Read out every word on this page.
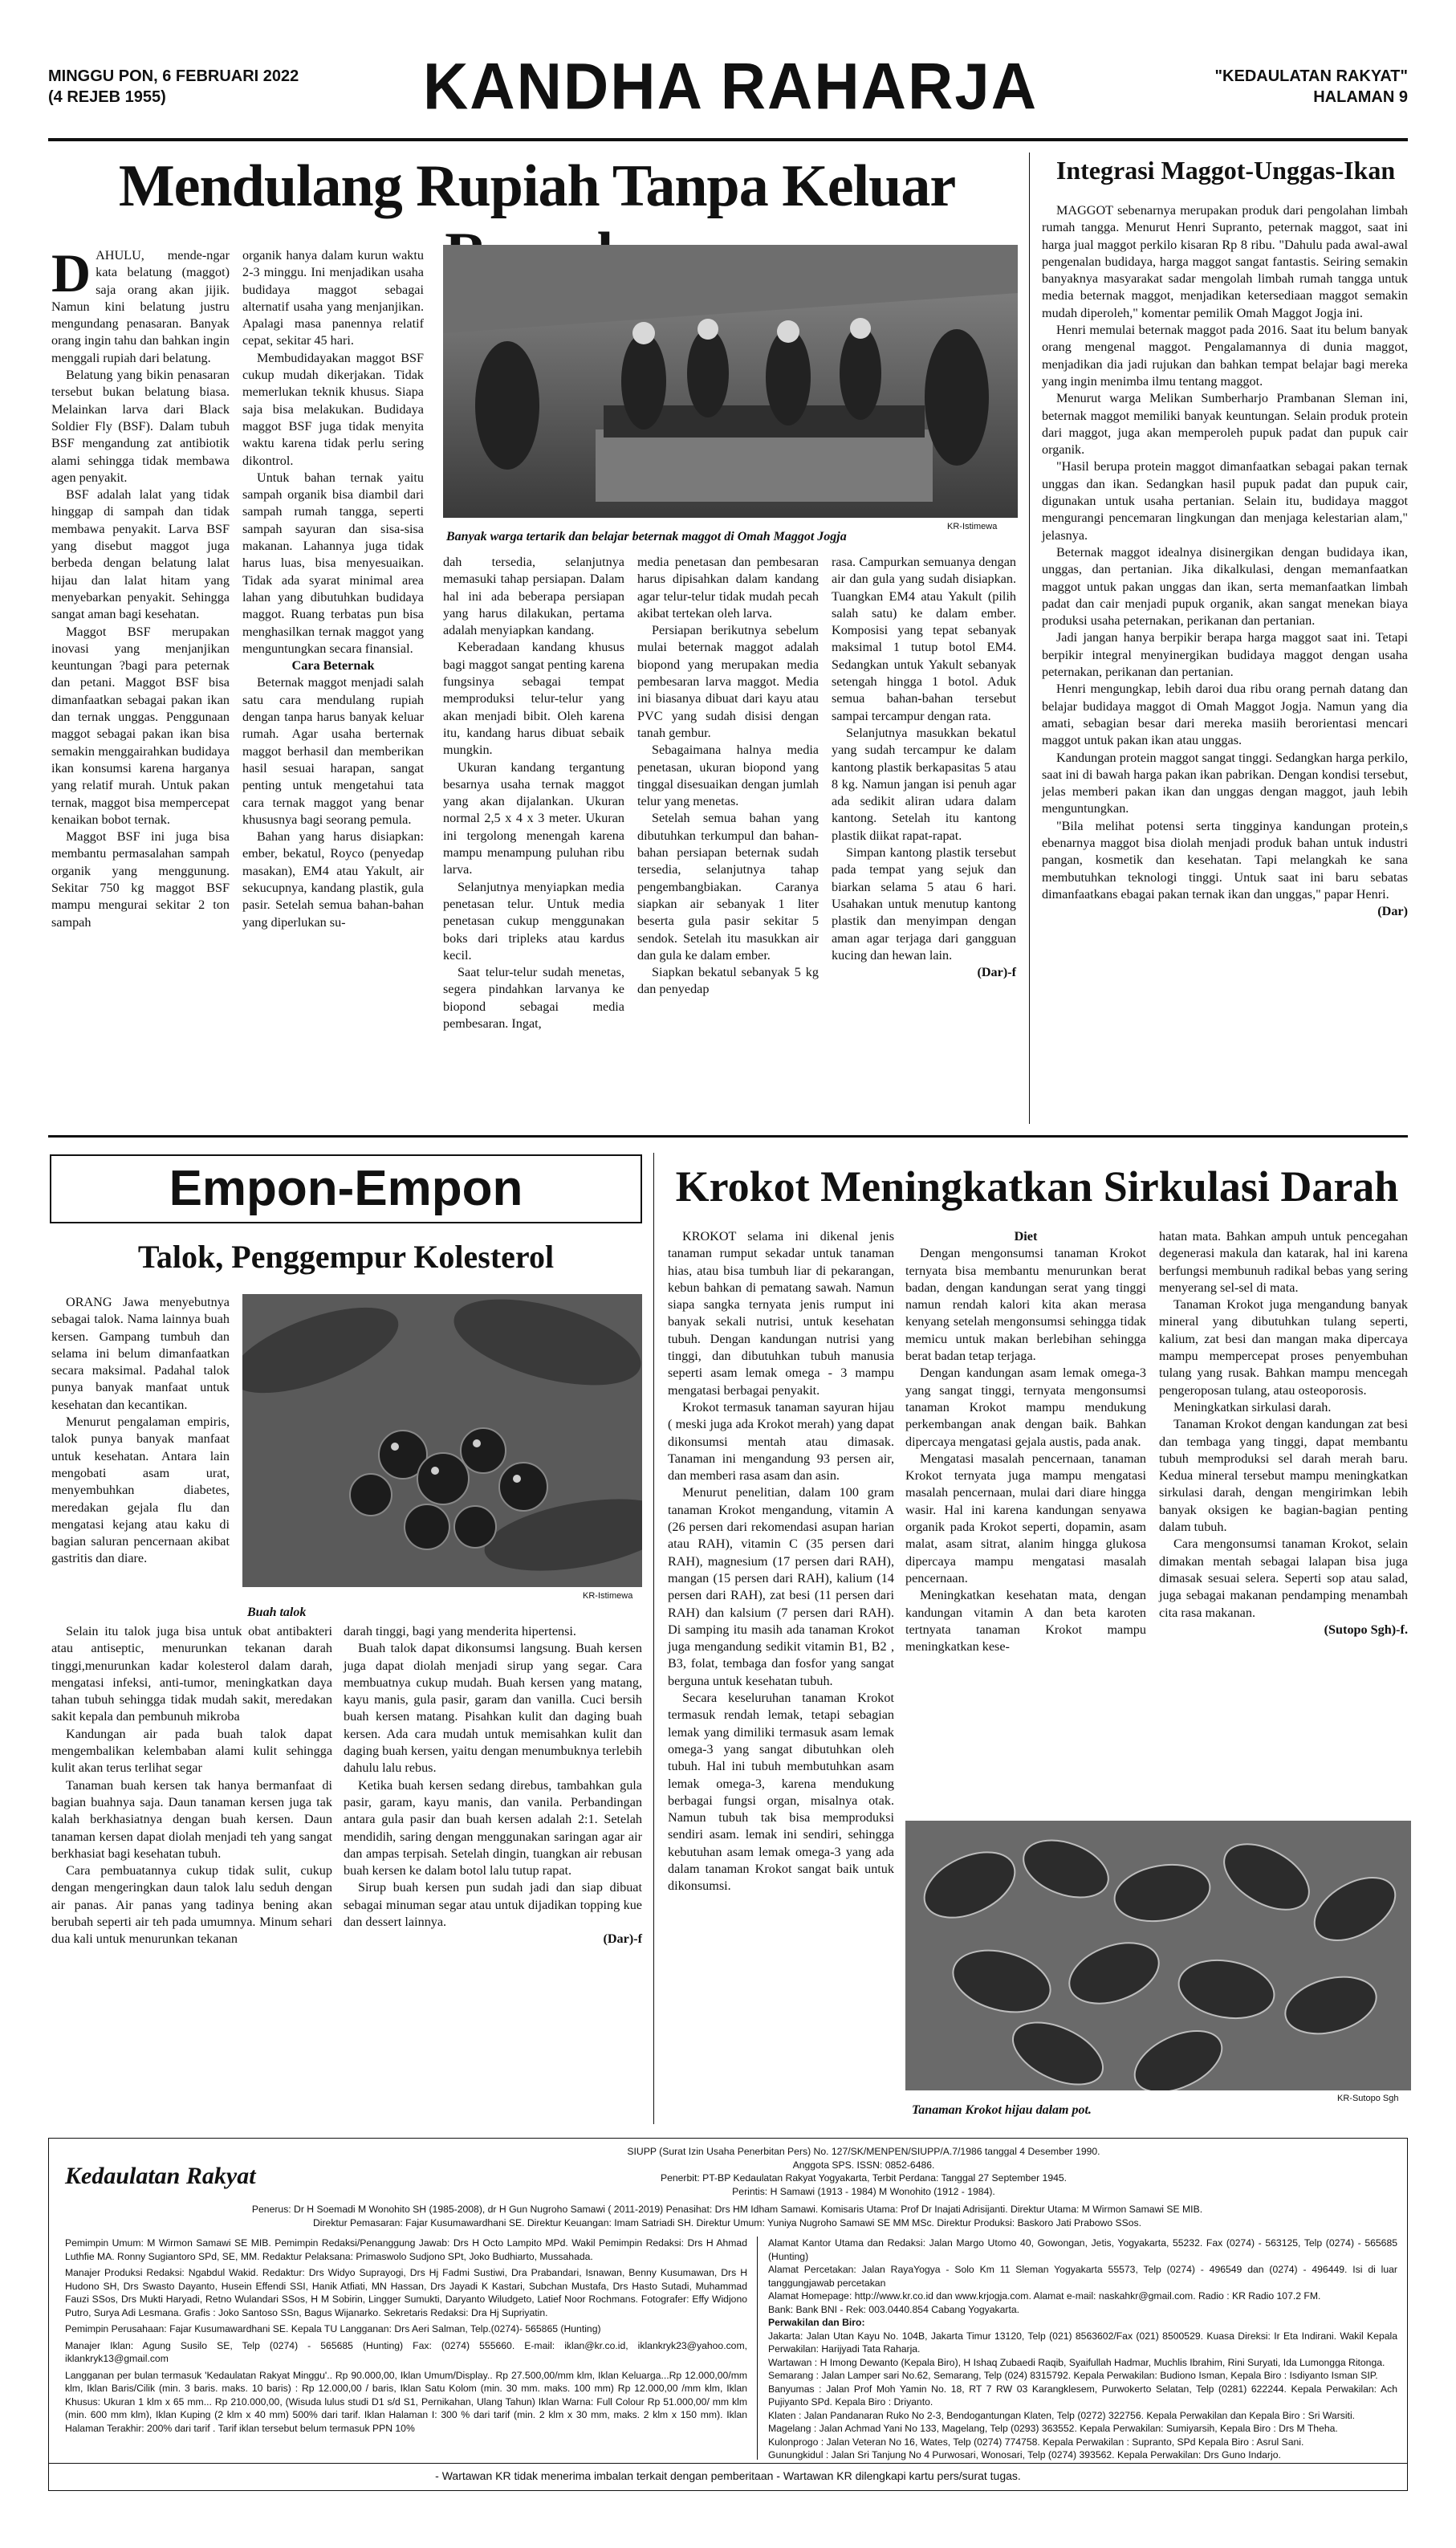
MINGGU PON, 6 FEBRUARI 2022
(4 REJEB 1955)	KANDHA RAHARJA	"KEDAULATAN RAKYAT"
HALAMAN 9
Mendulang Rupiah Tanpa Keluar
D AHULU, mende-ngar kata belatung (maggot) saja orang akan jijik. Namun kini belatung justru mengundang penasaran. Banyak orang ingin tahu dan bahkan ingin menggali rupiah dari belatung.

Belatung yang bikin penasaran tersebut bukan belatung biasa. Melainkan larva dari Black Soldier Fly (BSF). Dalam tubuh BSF mengandung zat antibiotik alami sehingga tidak membawa agen penyakit.

BSF adalah lalat yang tidak hinggap di sampah dan tidak membawa penyakit. Larva BSF yang disebut maggot juga berbeda dengan belatung lalat hijau dan lalat hitam yang menyebarkan penyakit. Sehingga sangat aman bagi kesehatan.

Maggot BSF merupakan inovasi yang menjanjikan keuntungan ?bagi para peternak dan petani. Maggot BSF bisa dimanfaatkan sebagai pakan ikan dan ternak unggas. Penggunaan maggot sebagai pakan ikan bisa semakin menggairahkan budidaya ikan konsumsi karena harganya yang relatif murah. Untuk pakan ternak, maggot bisa mempercepat kenaikan bobot ternak.

Maggot BSF ini juga bisa membantu permasalahan sampah organik yang menggunung. Sekitar 750 kg maggot BSF mampu mengurai sekitar 2 ton sampah

organik hanya dalam kurun waktu 2-3 minggu. Ini menjadikan usaha budidaya maggot sebagai alternatif usaha yang menjanjikan. Apalagi masa panennya relatif cepat, sekitar 45 hari.

Membudidayakan maggot BSF cukup mudah dikerjakan. Tidak memerlukan teknik khusus. Siapa saja bisa melakukan. Budidaya maggot BSF juga tidak menyita waktu karena tidak perlu sering dikontrol.

Untuk bahan ternak yaitu sampah organik bisa diambil dari sampah rumah tangga, seperti sampah sayuran dan sisa-sisa makanan. Lahannya juga tidak harus luas, bisa menyesuaikan. Tidak ada syarat minimal area lahan yang dibutuhkan budidaya maggot. Ruang terbatas pun bisa menghasilkan ternak maggot yang menguntungkan secara finansial.

Cara Beternak

Beternak maggot menjadi salah satu cara mendulang rupiah dengan tanpa harus banyak keluar rumah. Agar usaha berternak maggot berhasil dan memberikan hasil sesuai harapan, sangat penting untuk mengetahui tata cara ternak maggot yang benar khususnya bagi seorang pemula.

Bahan yang harus disiapkan: ember, bekatul, Royco (penyedap masakan), EM4 atau Yakult, air sekucupnya, kandang plastik, gula pasir. Setelah semua bahan-bahan yang diperlukan su-

KR-Istimewa
Banyak warga tertarik dan belajar beternak maggot di Omah Maggot Jogja

dah tersedia, selanjutnya memasuki tahap persiapan. Dalam hal ini ada beberapa persiapan yang harus dilakukan, pertama adalah menyiapkan kandang.

Keberadaan kandang khusus bagi maggot sangat penting karena fungsinya sebagai tempat memproduksi telur-telur yang akan menjadi bibit. Oleh karena itu, kandang harus dibuat sebaik mungkin.

Ukuran kandang tergantung besarnya usaha ternak maggot yang akan dijalankan. Ukuran normal 2,5 x 4 x 3 meter. Ukuran ini tergolong menengah karena mampu menampung puluhan ribu larva.

Selanjutnya menyiapkan media penetasan telur. Untuk media penetasan cukup menggunakan boks dari tripleks atau kardus kecil.

Saat telur-telur sudah menetas, segera pindahkan larvanya ke biopond sebagai media pembesaran. Ingat,

media penetasan dan pembesaran harus dipisahkan dalam kandang agar telur-telur tidak mudah pecah akibat tertekan oleh larva.

Persiapan berikutnya sebelum mulai beternak maggot adalah biopond yang merupakan media pembesaran larva maggot. Media ini biasanya dibuat dari kayu atau PVC yang sudah disisi dengan tanah gembur.

Sebagaimana halnya media penetasan, ukuran biopond yang tinggal disesuaikan dengan jumlah telur yang menetas.

Setelah semua bahan yang dibutuhkan terkumpul dan bahan-bahan persiapan beternak sudah tersedia, selanjutnya tahap pengembangbiakan. Caranya siapkan air sebanyak 1 liter beserta gula pasir sekitar 5 sendok. Setelah itu masukkan air dan gula ke dalam ember.

Siapkan bekatul sebanyak 5 kg dan penyedap

rasa. Campurkan semuanya dengan air dan gula yang sudah disiapkan. Tuangkan EM4 atau Yakult (pilih salah satu) ke dalam ember. Komposisi yang tepat sebanyak maksimal 1 tutup botol EM4. Sedangkan untuk Yakult sebanyak setengah hingga 1 botol. Aduk semua bahan-bahan tersebut sampai tercampur dengan rata.

Selanjutnya masukkan bekatul yang sudah tercampur ke dalam kantong plastik berkapasitas 5 atau 8 kg. Namun jangan isi penuh agar ada sedikit aliran udara dalam kantong. Setelah itu kantong plastik diikat rapat-rapat.

Simpan kantong plastik tersebut pada tempat yang sejuk dan biarkan selama 5 atau 6 hari. Usahakan untuk menutup kantong plastik dan menyimpan dengan aman agar terjaga dari gangguan kucing dan hewan lain.

(Dar)-f

Integrasi Maggot-Unggas-Ikan

MAGGOT sebenarnya merupakan produk dari pengolahan limbah rumah tangga. Menurut Henri Supranto, peternak maggot, saat ini harga jual maggot perkilo kisaran Rp 8 ribu. "Dahulu pada awal-awal pengenalan budidaya, harga maggot sangat fantastis. Seiring semakin banyaknya masyarakat sadar mengolah limbah rumah tangga untuk media beternak maggot, menjadikan ketersediaan maggot semakin mudah diperoleh," komentar pemilik Omah Maggot Jogja ini.

Henri memulai beternak maggot pada 2016. Saat itu belum banyak orang mengenal maggot. Pengalamannya di dunia maggot, menjadikan dia jadi rujukan dan bahkan tempat belajar bagi mereka yang ingin menimba ilmu tentang maggot.

Menurut warga Melikan Sumberharjo Prambanan Sleman ini, beternak maggot memiliki banyak keuntungan. Selain produk protein dari maggot, juga akan memperoleh pupuk padat dan pupuk cair organik.

"Hasil berupa protein maggot dimanfaatkan sebagai pakan ternak unggas dan ikan. Sedangkan hasil pupuk padat dan pupuk cair, digunakan untuk usaha pertanian. Selain itu, budidaya maggot mengurangi pencemaran lingkungan dan menjaga kelestarian alam," jelasnya.

Beternak maggot idealnya disinergikan dengan budidaya ikan, unggas, dan pertanian. Jika dikalkulasi, dengan memanfaatkan maggot untuk pakan unggas dan ikan, serta memanfaatkan limbah padat dan cair menjadi pupuk organik, akan sangat menekan biaya produksi usaha peternakan, perikanan dan pertanian.

Jadi jangan hanya berpikir berapa harga maggot saat ini. Tetapi berpikir integral menyinergikan budidaya maggot dengan usaha peternakan, perikanan dan pertanian.

Henri mengungkap, lebih daroi dua ribu orang pernah datang dan belajar budidaya maggot di Omah Maggot Jogja. Namun yang dia amati, sebagian besar dari mereka masiih berorientasi mencari maggot untuk pakan ikan atau unggas.

Kandungan protein maggot sangat tinggi. Sedangkan harga perkilo, saat ini di bawah harga pakan ikan pabrikan. Dengan kondisi tersebut, jelas memberi pakan ikan dan unggas dengan maggot, jauh lebih menguntungkan.

"Bila melihat potensi serta tingginya kandungan protein,s ebenarnya maggot bisa diolah menjadi produk bahan untuk industri pangan, kosmetik dan kesehatan. Tapi melangkah ke sana membutuhkan teknologi tinggi. Untuk saat ini baru sebatas dimanfaatkans ebagai pakan ternak ikan dan unggas," papar Henri.

(Dar)

Empon-Empon
Talok, Penggempur Kolesterol

ORANG Jawa menyebutnya sebagai talok. Nama lainnya buah kersen. Gampang tumbuh dan selama ini belum dimanfaatkan secara maksimal. Padahal talok punya banyak manfaat untuk kesehatan dan kecantikan.

Menurut pengalaman empiris, talok punya banyak manfaat untuk kesehatan. Antara lain mengobati asam urat, menyembuhkan diabetes, meredakan gejala flu dan mengatasi kejang atau kaku di bagian saluran pencernaan akibat gastritis dan diare.

KR-Istimewa
Buah talok

Selain itu talok juga bisa untuk obat antibakteri atau antiseptic, menurunkan tekanan darah tinggi,menurunkan kadar kolesterol dalam darah, mengatasi infeksi, anti-tumor, meningkatkan daya tahan tubuh sehingga tidak mudah sakit, meredakan sakit kepala dan pembunuh mikroba

Kandungan air pada buah talok dapat mengembalikan kelembaban alami kulit sehingga kulit akan terus terlihat segar

Tanaman buah kersen tak hanya bermanfaat di bagian buahnya saja. Daun tanaman kersen juga tak kalah berkhasiatnya dengan buah kersen. Daun tanaman kersen dapat diolah menjadi teh yang sangat berkhasiat bagi kesehatan tubuh.

Cara pembuatannya cukup tidak sulit, cukup dengan mengeringkan daun talok lalu seduh dengan air panas. Air panas yang tadinya bening akan berubah seperti air teh pada umumnya. Minum sehari dua kali untuk menurunkan tekanan

darah tinggi, bagi yang menderita hipertensi.

Buah talok dapat dikonsumsi langsung. Buah kersen juga dapat diolah menjadi sirup yang segar. Cara membuatnya cukup mudah. Buah kersen yang matang, kayu manis, gula pasir, garam dan vanilla. Cuci bersih buah kersen matang. Pisahkan kulit dan daging buah kersen. Ada cara mudah untuk memisahkan kulit dan daging buah kersen, yaitu dengan menumbuknya terlebih dahulu lalu rebus.

Ketika buah kersen sedang direbus, tambahkan gula pasir, garam, kayu manis, dan vanila. Perbandingan antara gula pasir dan buah kersen adalah 2:1. Setelah mendidih, saring dengan menggunakan saringan agar air dan ampas terpisah. Setelah dingin, tuangkan air rebusan buah kersen ke dalam botol lalu tutup rapat.

Sirup buah kersen pun sudah jadi dan siap dibuat sebagai minuman segar atau untuk dijadikan topping kue dan dessert lainnya.

(Dar)-f

Krokot Meningkatkan Sirkulasi Darah

KROKOT selama ini dikenal jenis tanaman rumput sekadar untuk tanaman hias, atau bisa tumbuh liar di pekarangan, kebun bahkan di pematang sawah. Namun siapa sangka ternyata jenis rumput ini banyak sekali nutrisi, untuk kesehatan tubuh. Dengan kandungan nutrisi yang tinggi, dan dibutuhkan tubuh manusia seperti asam lemak omega - 3 mampu mengatasi berbagai penyakit.

Krokot termasuk tanaman sayuran hijau ( meski juga ada Krokot merah) yang dapat dikonsumsi mentah atau dimasak. Tanaman ini mengandung 93 persen air, dan memberi rasa asam dan asin.

Menurut penelitian, dalam 100 gram tanaman Krokot mengandung, vitamin A (26 persen dari rekomendasi asupan harian atau RAH), vitamin C (35 persen dari RAH), magnesium (17 persen dari RAH), mangan (15 persen dari RAH), kalium (14 persen dari RAH), zat besi (11 persen dari RAH) dan kalsium (7 persen dari RAH). Di samping itu masih ada tanaman Krokot juga mengandung sedikit vitamin B1, B2 , B3, folat, tembaga dan fosfor yang sangat berguna untuk kesehatan tubuh.

Secara keseluruhan tanaman Krokot termasuk rendah lemak, tetapi sebagian lemak yang dimiliki termasuk asam lemak omega-3 yang sangat dibutuhkan oleh tubuh. Hal ini tubuh membutuhkan asam lemak omega-3, karena mendukung berbagai fungsi organ, misalnya otak. Namun tubuh tak bisa memproduksi sendiri asam. lemak ini sendiri, sehingga kebutuhan asam lemak omega-3 yang ada dalam tanaman Krokot sangat baik untuk dikonsumsi.

Diet

Dengan mengonsumsi tanaman Krokot ternyata bisa membantu menurunkan berat badan, dengan kandungan serat yang tinggi namun rendah kalori kita akan merasa kenyang setelah mengonsumsi sehingga tidak memicu untuk makan berlebihan sehingga berat badan tetap terjaga.

Dengan kandungan asam lemak omega-3 yang sangat tinggi, ternyata mengonsumsi tanaman Krokot mampu mendukung perkembangan anak dengan baik. Bahkan dipercaya mengatasi gejala austis, pada anak.

Mengatasi masalah pencernaan, tanaman Krokot ternyata juga mampu mengatasi masalah pencernaan, mulai dari diare hingga wasir. Hal ini karena kandungan senyawa organik pada Krokot seperti, dopamin, asam malat, asam sitrat, alanim hingga glukosa dipercaya mampu mengatasi masalah pencernaan.

Meningkatkan kesehatan mata, dengan kandungan vitamin A dan beta karoten tertnyata tanaman Krokot mampu meningkatkan kese-

hatan mata. Bahkan ampuh untuk pencegahan degenerasi makula dan katarak, hal ini karena berfungsi membunuh radikal bebas yang sering menyerang sel-sel di mata.

Tanaman Krokot juga mengandung banyak mineral yang dibutuhkan tulang seperti, kalium, zat besi dan mangan maka dipercaya mampu mempercepat proses penyembuhan tulang yang rusak. Bahkan mampu mencegah pengeroposan tulang, atau osteoporosis.

Meningkatkan sirkulasi darah.

Tanaman Krokot dengan kandungan zat besi dan tembaga yang tinggi, dapat membantu tubuh memproduksi sel darah merah baru. Kedua mineral tersebut mampu meningkatkan sirkulasi darah, dengan mengirimkan lebih banyak oksigen ke bagian-bagian penting dalam tubuh.

Cara mengonsumsi tanaman Krokot, selain dimakan mentah sebagai lalapan bisa juga dimasak sesuai selera. Seperti sop atau salad, juga sebagai makanan pendamping menambah cita rasa makanan.

(Sutopo Sgh)-f.

KR-Sutopo Sgh
Tanaman Krokot hijau dalam pot.
Kedaulatan Rakyat
SIUPP (Surat Izin Usaha Penerbitan Pers) No. 127/SK/MENPEN/SIUPP/A.7/1986 tanggal 4 Desember 1990.
Anggota SPS. ISSN: 0852-6486.
Penerbit: PT-BP Kedaulatan Rakyat Yogyakarta, Terbit Perdana: Tanggal 27 September 1945.
Perintis: H Samawi (1913 - 1984) M Wonohito (1912 - 1984).
Penerus: Dr H Soemadi M Wonohito SH (1985-2008), dr H Gun Nugroho Samawi ( 2011-2019) Penasihat: Drs HM Idham Samawi. Komisaris Utama: Prof Dr Inajati Adrisijanti. Direktur Utama: M Wirmon Samawi SE MIB.
Direktur Pemasaran: Fajar Kusumawardhani SE. Direktur Keuangan: Imam Satriadi SH. Direktur Umum: Yuniya Nugroho Samawi SE MM MSc. Direktur Produksi: Baskoro Jati Prabowo SSos.

Pemimpin Umum: M Wirmon Samawi SE MIB. Pemimpin Redaksi/Penanggung Jawab: Drs H Octo Lampito MPd. Wakil Pemimpin Redaksi: Drs H Ahmad Luthfie MA. Ronny Sugiantoro SPd, SE, MM. Redaktur Pelaksana: Primaswolo Sudjono SPt, Joko Budhiarto, Mussahada.

Manajer Produksi Redaksi: Ngabdul Wakid. Redaktur: Drs Widyo Suprayogi, Drs Hj Fadmi Sustiwi, Dra Prabandari, Isnawan, Benny Kusumawan, Drs H Hudono SH, Drs Swasto Dayanto, Husein Effendi SSI, Hanik Atfiati, MN Hassan, Drs Jayadi K Kastari, Subchan Mustafa, Drs Hasto Sutadi, Muhammad Fauzi SSos, Drs Mukti Haryadi, Retno Wulandari SSos, H M Sobirin, Lingger Sumukti, Daryanto Wiludgeto, Latief Noor Rochmans. Fotografer: Effy Widjono Putro, Surya Adi Lesmana. Grafis : Joko Santoso SSn, Bagus Wijanarko. Sekretaris Redaksi: Dra Hj Supriyatin.

Pemimpin Perusahaan: Fajar Kusumawardhani SE. Kepala TU Langganan: Drs Aeri Salman, Telp.(0274)- 565865 (Hunting)

Manajer Iklan: Agung Susilo SE, Telp (0274) - 565685 (Hunting) Fax: (0274) 555660. E-mail: iklan@kr.co.id, iklankryk23@yahoo.com, iklankryk13@gmail.com

Langganan per bulan termasuk 'Kedaulatan Rakyat Minggu'.. Rp 90.000,00, Iklan Umum/Display.. Rp 27.500,00/mm klm, Iklan Keluarga...Rp 12.000,00/mm klm, Iklan Baris/Cilik (min. 3 baris. maks. 10 baris) : Rp 12.000,00 / baris, Iklan Satu Kolom (min. 30 mm. maks. 100 mm) Rp 12.000,00 /mm klm, Iklan Khusus: Ukuran 1 klm x 65 mm... Rp 210.000,00, (Wisuda lulus studi D1 s/d S1, Pernikahan, Ulang Tahun) Iklan Warna: Full Colour Rp 51.000,00/ mm klm (min. 600 mm klm), Iklan Kuping (2 klm x 40 mm) 500% dari tarif. Iklan Halaman I: 300 % dari tarif (min. 2 klm x 30 mm, maks. 2 klm x 150 mm). Iklan Halaman Terakhir: 200% dari tarif . Tarif iklan tersebut belum termasuk PPN 10%

Alamat Kantor Utama dan Redaksi: Jalan Margo Utomo 40, Gowongan, Jetis, Yogyakarta, 55232. Fax (0274) - 563125, Telp (0274) - 565685 (Hunting)

Alamat Percetakan: Jalan RayaYogya - Solo Km 11 Sleman Yogyakarta 55573, Telp (0274) - 496549 dan (0274) - 496449. Isi di luar tanggungjawab percetakan

Alamat Homepage: http://www.kr.co.id dan www.krjogja.com. Alamat e-mail: naskahkr@gmail.com. Radio : KR Radio 107.2 FM.

Bank: Bank BNI - Rek: 003.0440.854 Cabang Yogyakarta.

Perwakilan dan Biro:

Jakarta: Jalan Utan Kayu No. 104B, Jakarta Timur 13120, Telp (021) 8563602/Fax (021) 8500529. Kuasa Direksi: Ir Eta Indirani. Wakil Kepala Perwakilan: Harijyadi Tata Raharja.

Wartawan : H Imong Dewanto (Kepala Biro), H Ishaq Zubaedi Raqib, Syaifullah Hadmar, Muchlis Ibrahim, Rini Suryati, Ida Lumongga Ritonga.

Semarang : Jalan Lamper sari No.62, Semarang, Telp (024) 8315792. Kepala Perwakilan: Budiono Isman, Kepala Biro : Isdiyanto Isman SIP.

Banyumas : Jalan Prof Moh Yamin No. 18, RT 7 RW 03 Karangklesem, Purwokerto Selatan, Telp (0281) 622244. Kepala Perwakilan: Ach Pujiyanto SPd. Kepala Biro : Driyanto.

Klaten : Jalan Pandanaran Ruko No 2-3, Bendogantungan Klaten, Telp (0272) 322756. Kepala Perwakilan dan Kepala Biro : Sri Warsiti.

Magelang : Jalan Achmad Yani No 133, Magelang, Telp (0293) 363552. Kepala Perwakilan: Sumiyarsih, Kepala Biro : Drs M Theha.

Kulonprogo : Jalan Veteran No 16, Wates, Telp (0274) 774758. Kepala Perwakilan : Supranto, SPd Kepala Biro : Asrul Sani.

Gunungkidul : Jalan Sri Tanjung No 4 Purwosari, Wonosari, Telp (0274) 393562. Kepala Perwakilan: Drs Guno Indarjo.

- Wartawan KR tidak menerima imbalan terkait dengan pemberitaan - Wartawan KR dilengkapi kartu pers/surat tugas.
